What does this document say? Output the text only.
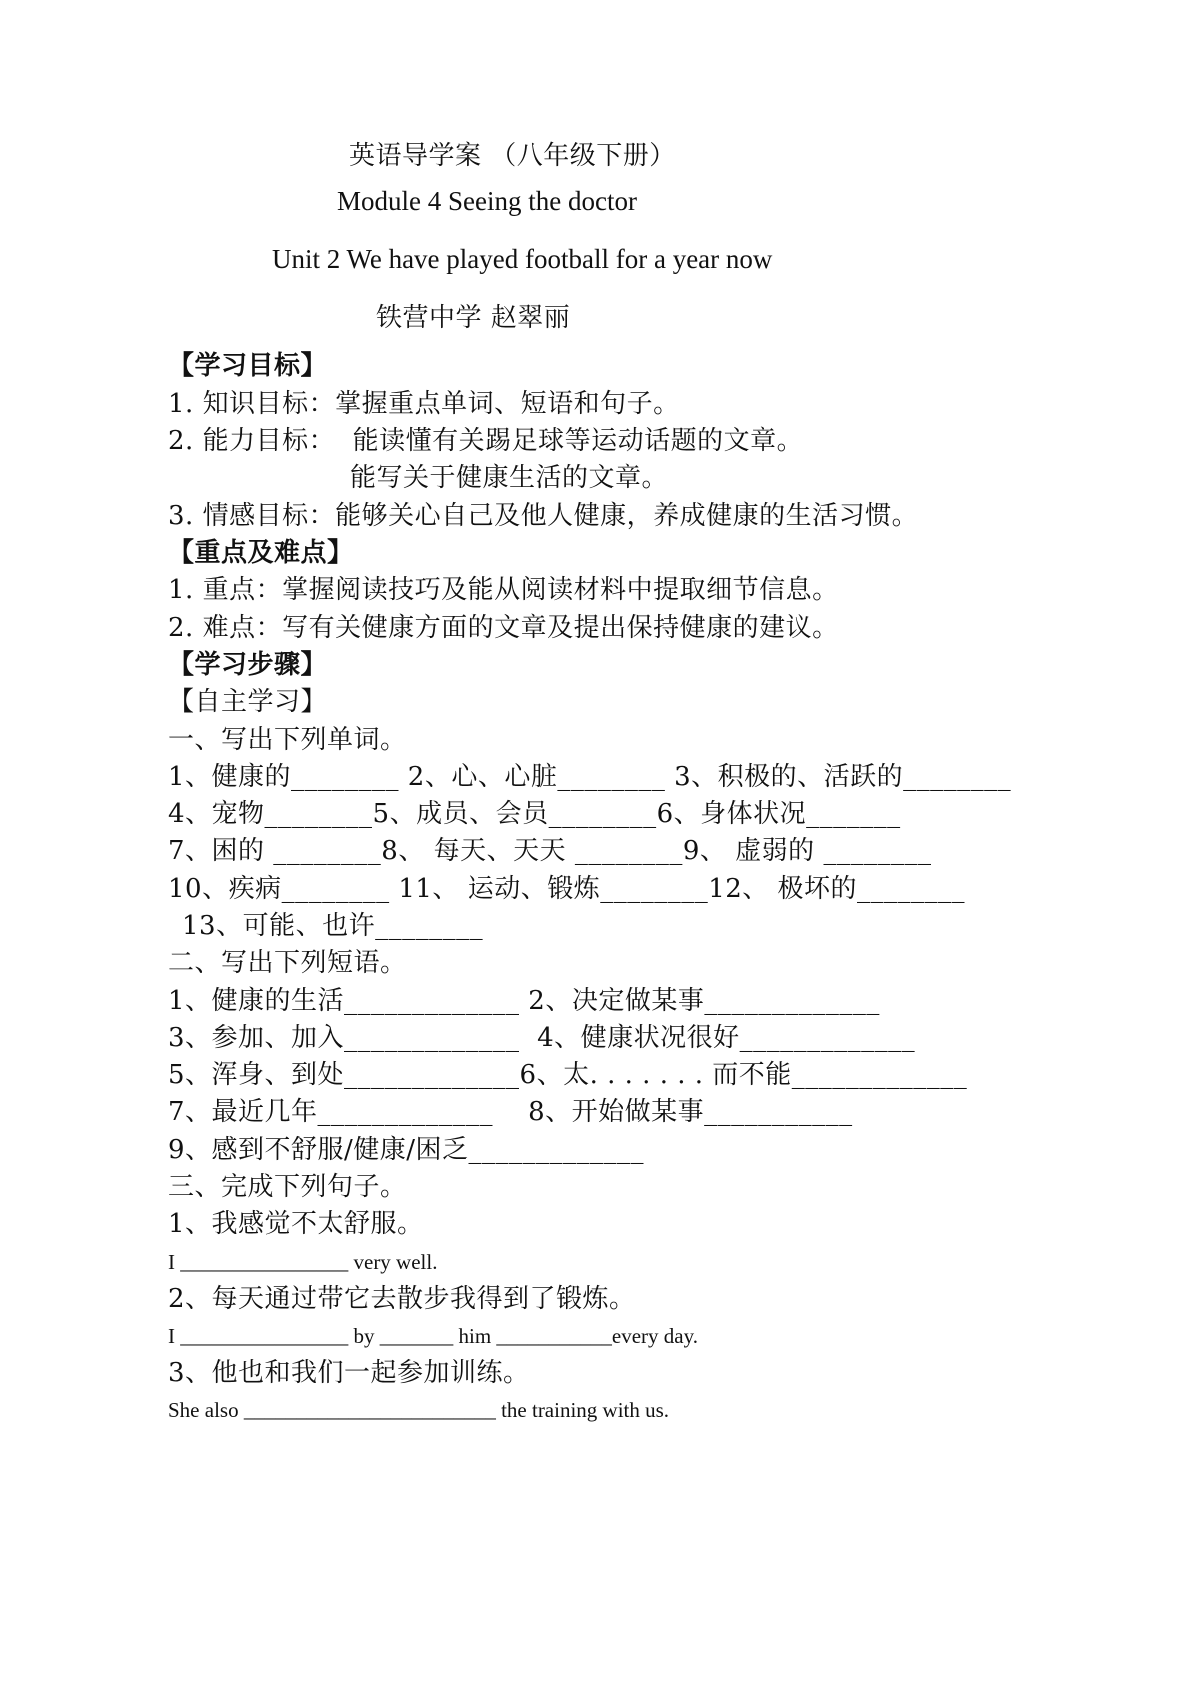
英语导学案 （八年级下册）
Module 4 Seeing the doctor
Unit 2 We have played football for a year now
铁营中学 赵翠丽
【学习目标】
1. 知识目标：掌握重点单词、短语和句子。
2. 能力目标：  能读懂有关踢足球等运动话题的文章。
能写关于健康生活的文章。
3. 情感目标：能够关心自己及他人健康，养成健康的生活习惯。
【重点及难点】
1. 重点：掌握阅读技巧及能从阅读材料中提取细节信息。
2. 难点：写有关健康方面的文章及提出保持健康的建议。
【学习步骤】
【自主学习】
一、写出下列单词。
1、健康的________ 2、心、心脏________ 3、积极的、活跃的________
4、宠物________5、成员、会员________6、身体状况_______
7、困的 ________8、 每天、天天 ________9、 虚弱的 ________
10、疾病________ 11、 运动、锻炼________12、 极坏的________
13、可能、也许________
二、写出下列短语。
1、健康的生活_____________ 2、决定做某事_____________
3、参加、加入_____________  4、健康状况很好_____________
5、浑身、到处_____________6、太. . . . . . . 而不能_____________
7、最近几年_____________    8、开始做某事___________
9、感到不舒服/健康/困乏_____________
三、完成下列句子。
1、我感觉不太舒服。
I ________________ very well.
2、每天通过带它去散步我得到了锻炼。
I ________________ by _______ him ___________every day.
3、他也和我们一起参加训练。
She also ________________________ the training with us.
